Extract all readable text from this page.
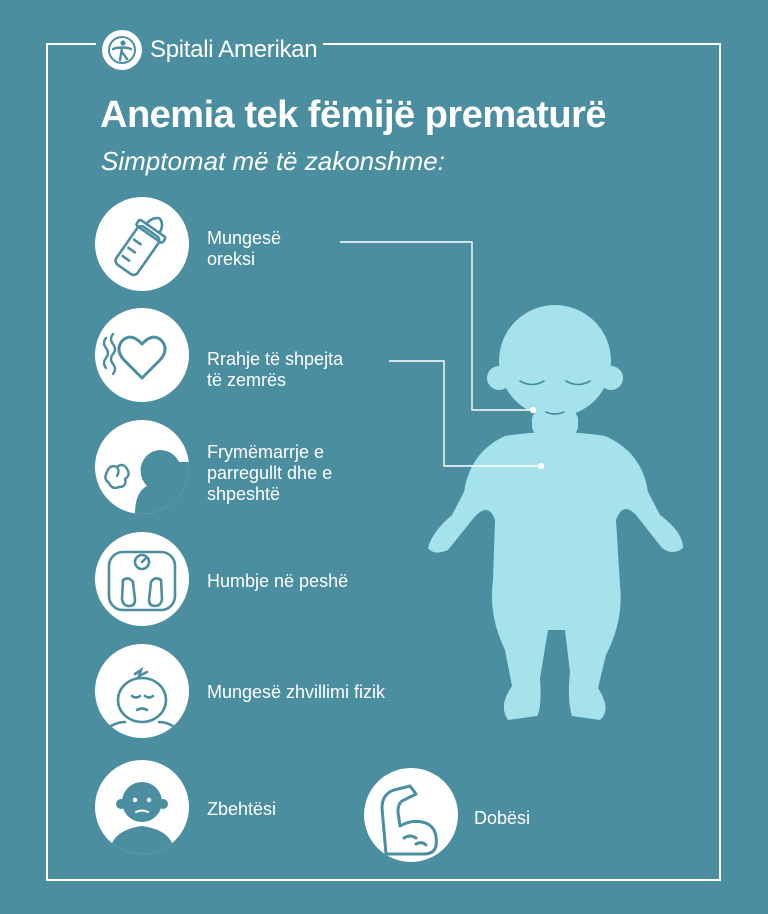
Spitali Amerikan
Anemia tek fëmijë prematurë
Simptomat më të zakonshme:
Mungesë
oreksi
Rrahje të shpejta
të zemrës
Frymëmarrje e
parregullt dhe e
shpeshtë
Humbje në peshë
Mungesë zhvillimi fizik
Zbehtësi	Dobësi
